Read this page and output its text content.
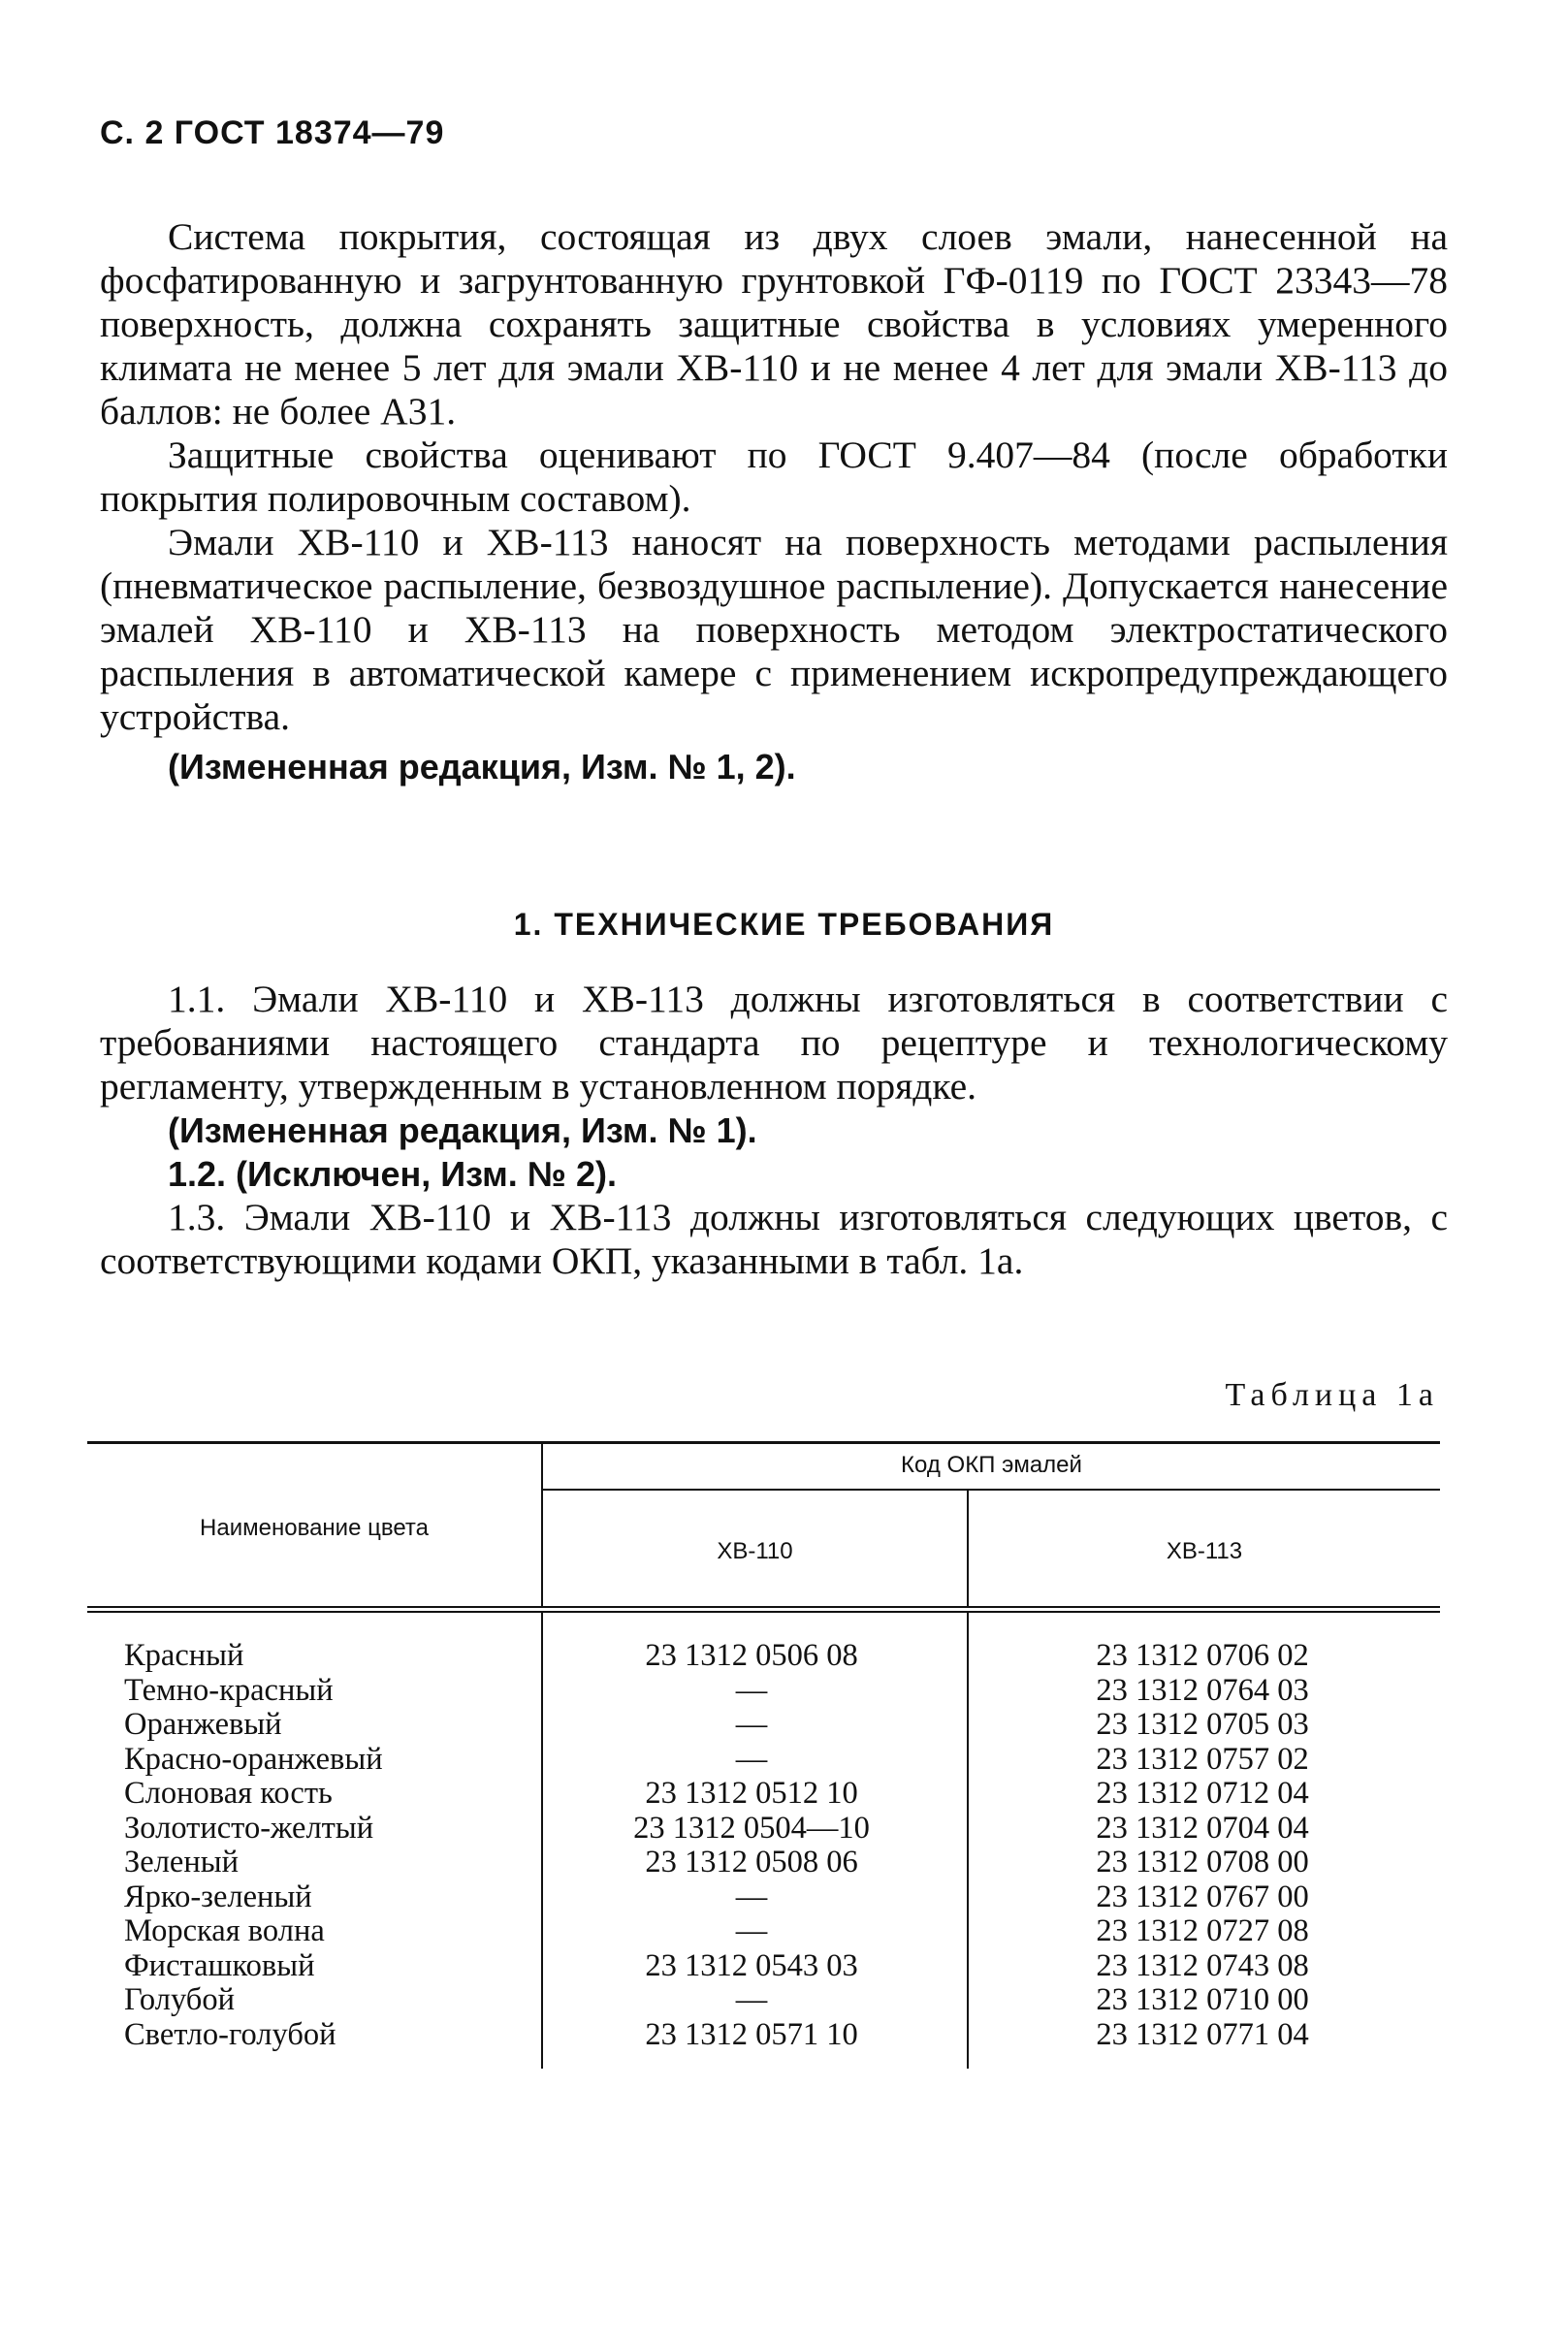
С. 2 ГОСТ 18374—79

Система покрытия, состоящая из двух слоев эмали, нанесенной на фосфатированную и загрунтованную грунтовкой ГФ-0119 по ГОСТ 23343—78 поверхность, должна сохранять защитные свойства в условиях умеренного климата не менее 5 лет для эмали ХВ-110 и не менее 4 лет для эмали ХВ-113 до баллов: не более А31.

Защитные свойства оценивают по ГОСТ 9.407—84 (после обработки покрытия полировочным составом).

Эмали ХВ-110 и ХВ-113 наносят на поверхность методами распыления (пневматическое распыление, безвоздушное распыление). Допускается нанесение эмалей ХВ-110 и ХВ-113 на поверхность методом электростатического распыления в автоматической камере с применением искропредупреждающего устройства.

(Измененная редакция, Изм. № 1, 2).

1. ТЕХНИЧЕСКИЕ ТРЕБОВАНИЯ

1.1. Эмали ХВ-110 и ХВ-113 должны изготовляться в соответствии с требованиями настоящего стандарта по рецептуре и технологическому регламенту, утвержденным в установленном порядке.

(Измененная редакция, Изм. № 1).

1.2. (Исключен, Изм. № 2).

1.3. Эмали ХВ-110 и ХВ-113 должны изготовляться следующих цветов, с соответствующими кодами ОКП, указанными в табл. 1а.

Таблица 1а
Наименование цвета
Код ОКП эмалей
ХВ-110	ХВ-113
Красный	23 1312 0506 08	23 1312 0706 02
Темно-красный	—	23 1312 0764 03
Оранжевый	—	23 1312 0705 03
Красно-оранжевый	—	23 1312 0757 02
Слоновая кость	23 1312 0512 10	23 1312 0712 04
Золотисто-желтый	23 1312 0504—10	23 1312 0704 04
Зеленый	23 1312 0508 06	23 1312 0708 00
Ярко-зеленый	—	23 1312 0767 00
Морская волна	—	23 1312 0727 08
Фисташковый	23 1312 0543 03	23 1312 0743 08
Голубой	—	23 1312 0710 00
Светло-голубой	23 1312 0571 10	23 1312 0771 04
